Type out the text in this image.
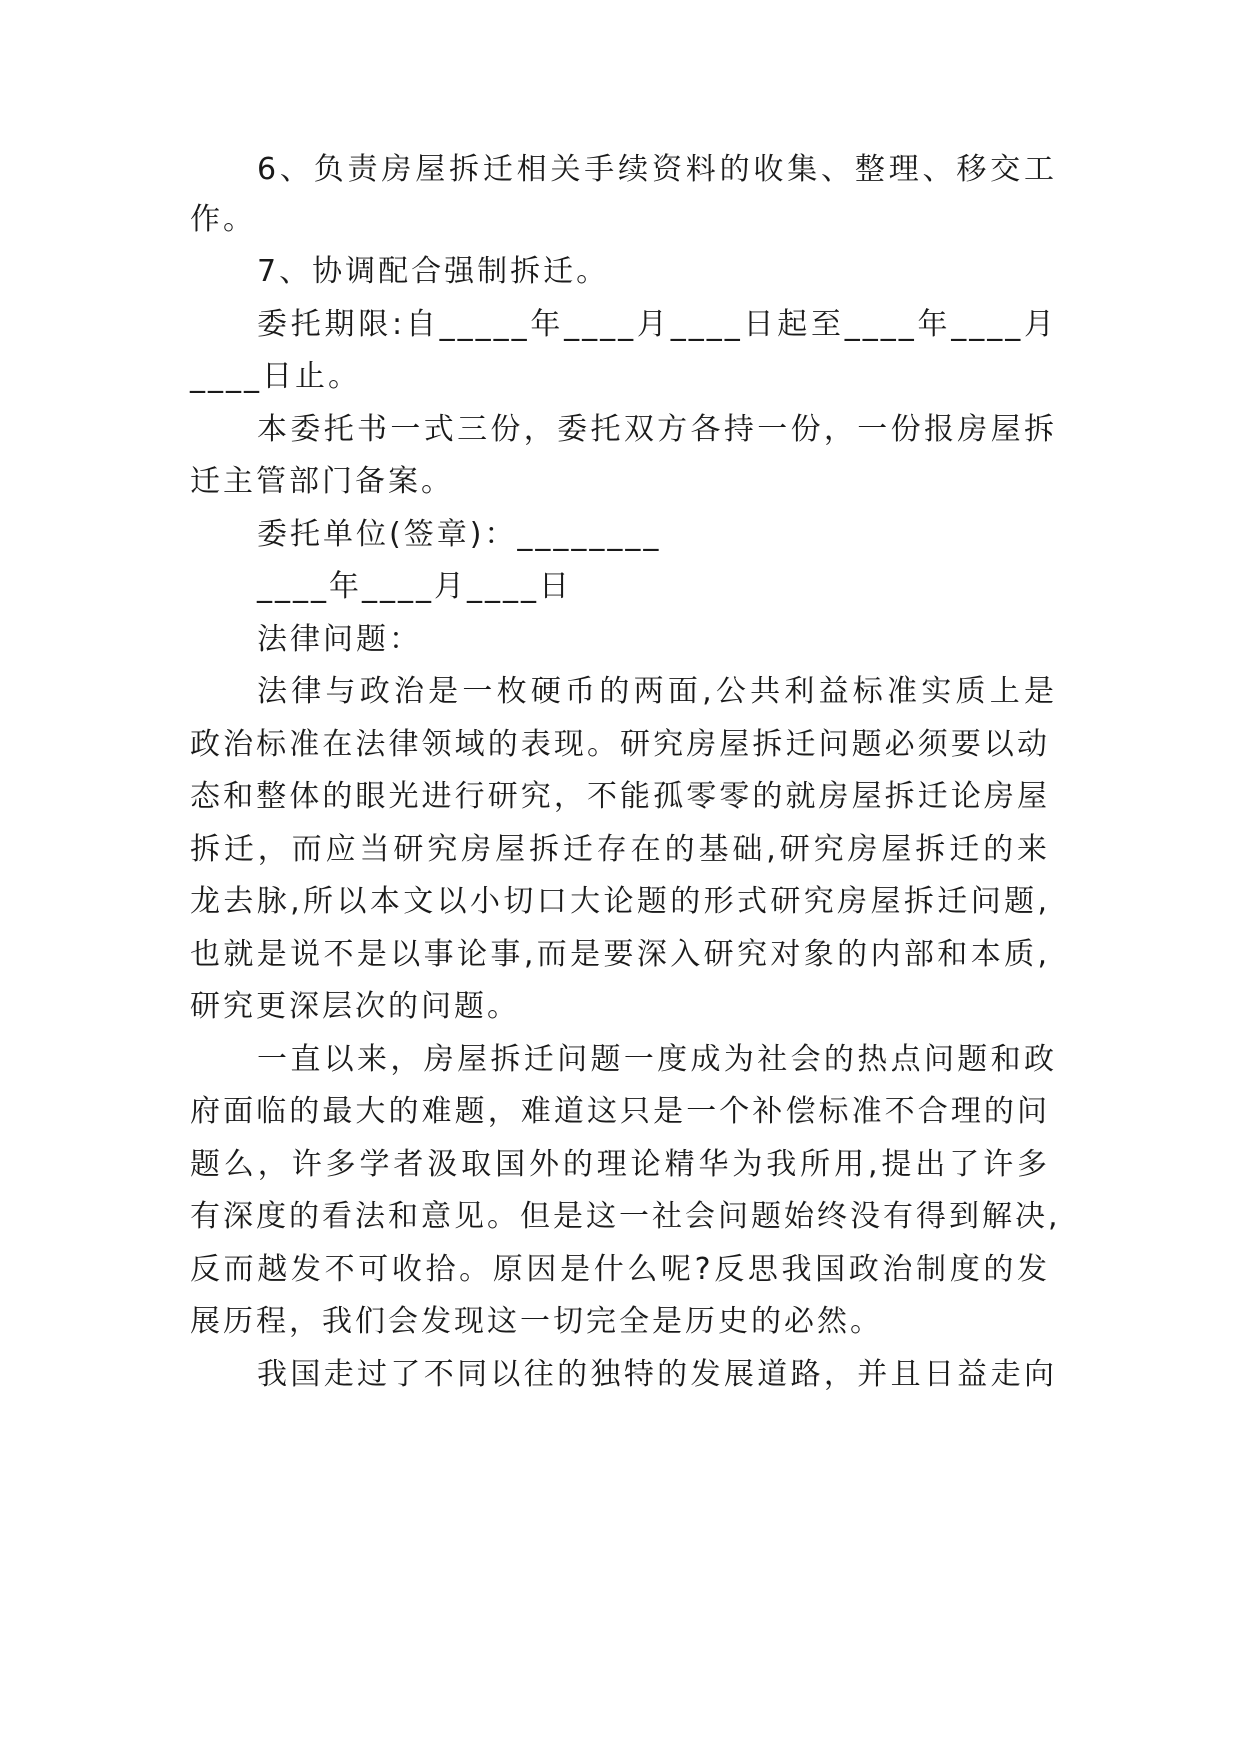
6、负责房屋拆迁相关手续资料的收集、整理、移交工
作。
7、协调配合强制拆迁。
委托期限:自_____年____月____日起至____年____月
____日止。
本委托书一式三份，委托双方各持一份，一份报房屋拆
迁主管部门备案。
委托单位(签章)：________
____年____月____日
法律问题：
法律与政治是一枚硬币的两面,公共利益标准实质上是
政治标准在法律领域的表现。研究房屋拆迁问题必须要以动
态和整体的眼光进行研究，不能孤零零的就房屋拆迁论房屋
拆迁，而应当研究房屋拆迁存在的基础,研究房屋拆迁的来
龙去脉,所以本文以小切口大论题的形式研究房屋拆迁问题,
也就是说不是以事论事,而是要深入研究对象的内部和本质,
研究更深层次的问题。
一直以来，房屋拆迁问题一度成为社会的热点问题和政
府面临的最大的难题，难道这只是一个补偿标准不合理的问
题么，许多学者汲取国外的理论精华为我所用,提出了许多
有深度的看法和意见。但是这一社会问题始终没有得到解决,
反而越发不可收拾。原因是什么呢?反思我国政治制度的发
展历程，我们会发现这一切完全是历史的必然。
我国走过了不同以往的独特的发展道路，并且日益走向
